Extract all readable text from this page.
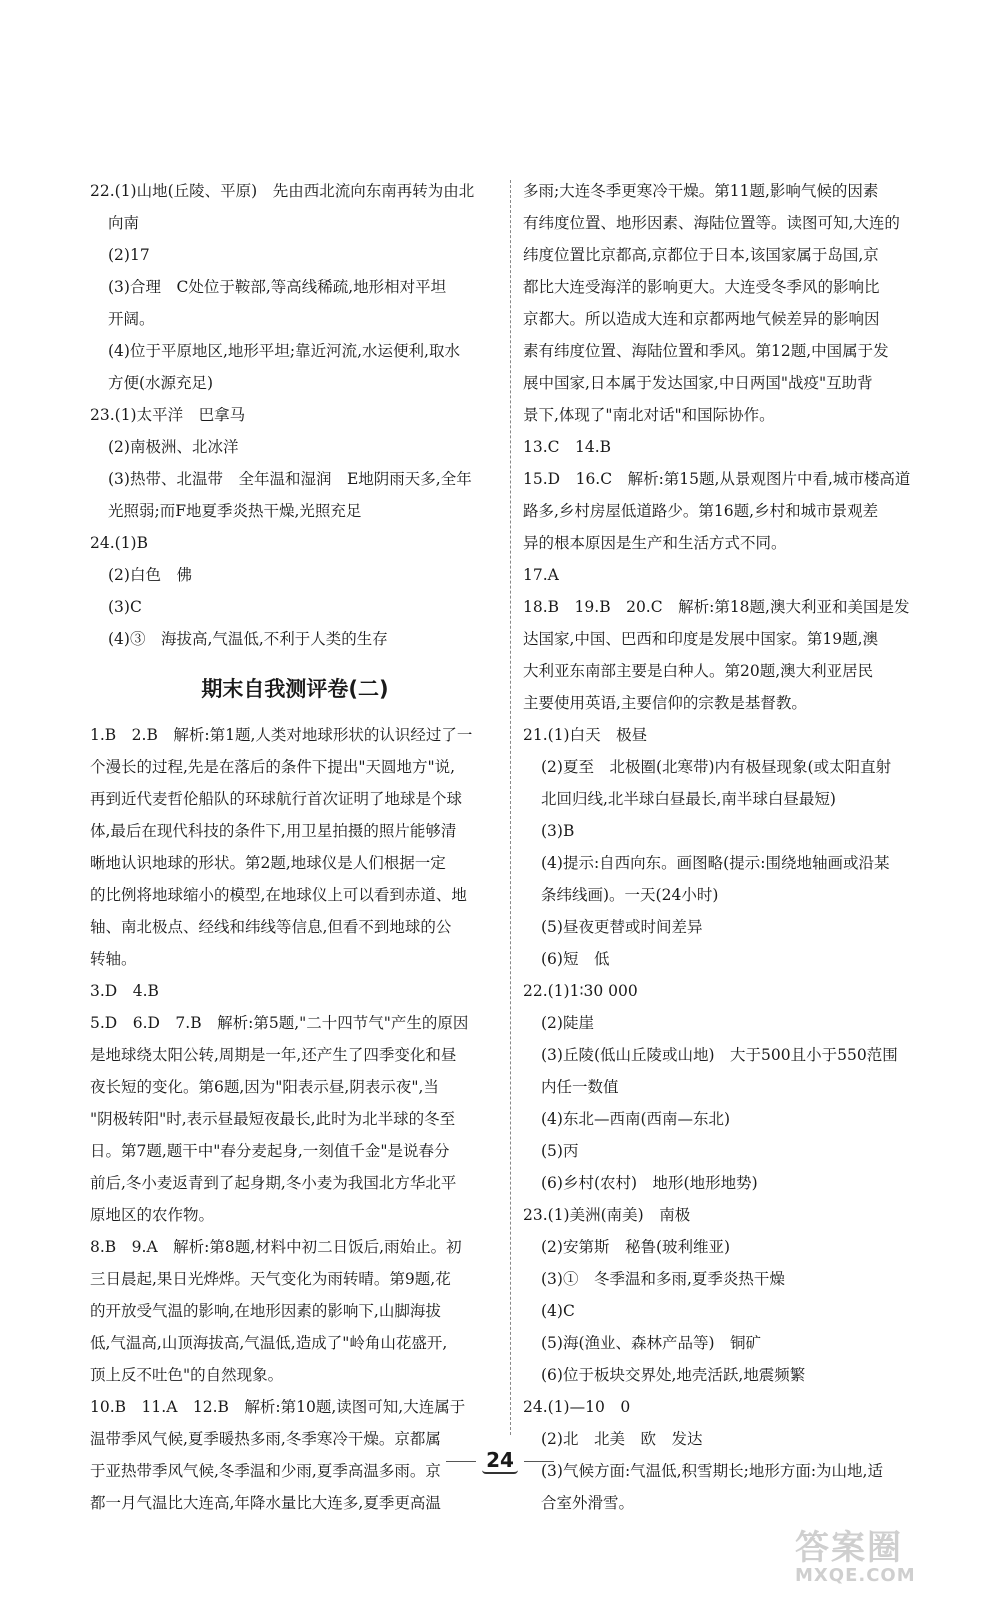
22.(1)山地(丘陵、平原)　先由西北流向东南再转为由北

向南

(2)17

(3)合理　C处位于鞍部,等高线稀疏,地形相对平坦

开阔。

(4)位于平原地区,地形平坦;靠近河流,水运便利,取水

方便(水源充足)

23.(1)太平洋　巴拿马

(2)南极洲、北冰洋

(3)热带、北温带　全年温和湿润　E地阴雨天多,全年

光照弱;而F地夏季炎热干燥,光照充足

24.(1)B

(2)白色　佛

(3)C

(4)③　海拔高,气温低,不利于人类的生存

期末自我测评卷(二)

1.B　2.B　解析:第1题,人类对地球形状的认识经过了一

个漫长的过程,先是在落后的条件下提出"天圆地方"说,

再到近代麦哲伦船队的环球航行首次证明了地球是个球

体,最后在现代科技的条件下,用卫星拍摄的照片能够清

晰地认识地球的形状。第2题,地球仪是人们根据一定

的比例将地球缩小的模型,在地球仪上可以看到赤道、地

轴、南北极点、经线和纬线等信息,但看不到地球的公

转轴。

3.D　4.B

5.D　6.D　7.B　解析:第5题,"二十四节气"产生的原因

是地球绕太阳公转,周期是一年,还产生了四季变化和昼

夜长短的变化。第6题,因为"阳表示昼,阴表示夜",当

"阴极转阳"时,表示昼最短夜最长,此时为北半球的冬至

日。第7题,题干中"春分麦起身,一刻值千金"是说春分

前后,冬小麦返青到了起身期,冬小麦为我国北方华北平

原地区的农作物。

8.B　9.A　解析:第8题,材料中初二日饭后,雨始止。初

三日晨起,果日光烨烨。天气变化为雨转晴。第9题,花

的开放受气温的影响,在地形因素的影响下,山脚海拔

低,气温高,山顶海拔高,气温低,造成了"岭角山花盛开,

顶上反不吐色"的自然现象。

10.B　11.A　12.B　解析:第10题,读图可知,大连属于

温带季风气候,夏季暖热多雨,冬季寒冷干燥。京都属

于亚热带季风气候,冬季温和少雨,夏季高温多雨。京

都一月气温比大连高,年降水量比大连多,夏季更高温

多雨;大连冬季更寒冷干燥。第11题,影响气候的因素

有纬度位置、地形因素、海陆位置等。读图可知,大连的

纬度位置比京都高,京都位于日本,该国家属于岛国,京

都比大连受海洋的影响更大。大连受冬季风的影响比

京都大。所以造成大连和京都两地气候差异的影响因

素有纬度位置、海陆位置和季风。第12题,中国属于发

展中国家,日本属于发达国家,中日两国"战疫"互助背

景下,体现了"南北对话"和国际协作。

13.C　14.B

15.D　16.C　解析:第15题,从景观图片中看,城市楼高道

路多,乡村房屋低道路少。第16题,乡村和城市景观差

异的根本原因是生产和生活方式不同。

17.A

18.B　19.B　20.C　解析:第18题,澳大利亚和美国是发

达国家,中国、巴西和印度是发展中国家。第19题,澳

大利亚东南部主要是白种人。第20题,澳大利亚居民

主要使用英语,主要信仰的宗教是基督教。

21.(1)白天　极昼

(2)夏至　北极圈(北寒带)内有极昼现象(或太阳直射

北回归线,北半球白昼最长,南半球白昼最短)

(3)B

(4)提示:自西向东。画图略(提示:围绕地轴画或沿某

条纬线画)。一天(24小时)

(5)昼夜更替或时间差异

(6)短　低

22.(1)1∶30 000

(2)陡崖

(3)丘陵(低山丘陵或山地)　大于500且小于550范围

内任一数值

(4)东北—西南(西南—东北)

(5)丙

(6)乡村(农村)　地形(地形地势)

23.(1)美洲(南美)　南极

(2)安第斯　秘鲁(玻利维亚)

(3)①　冬季温和多雨,夏季炎热干燥

(4)C

(5)海(渔业、森林产品等)　铜矿

(6)位于板块交界处,地壳活跃,地震频繁

24.(1)—10　0

(2)北　北美　欧　发达

(3)气候方面:气温低,积雪期长;地形方面:为山地,适

合室外滑雪。

24
答案圈
MXQE.COM
